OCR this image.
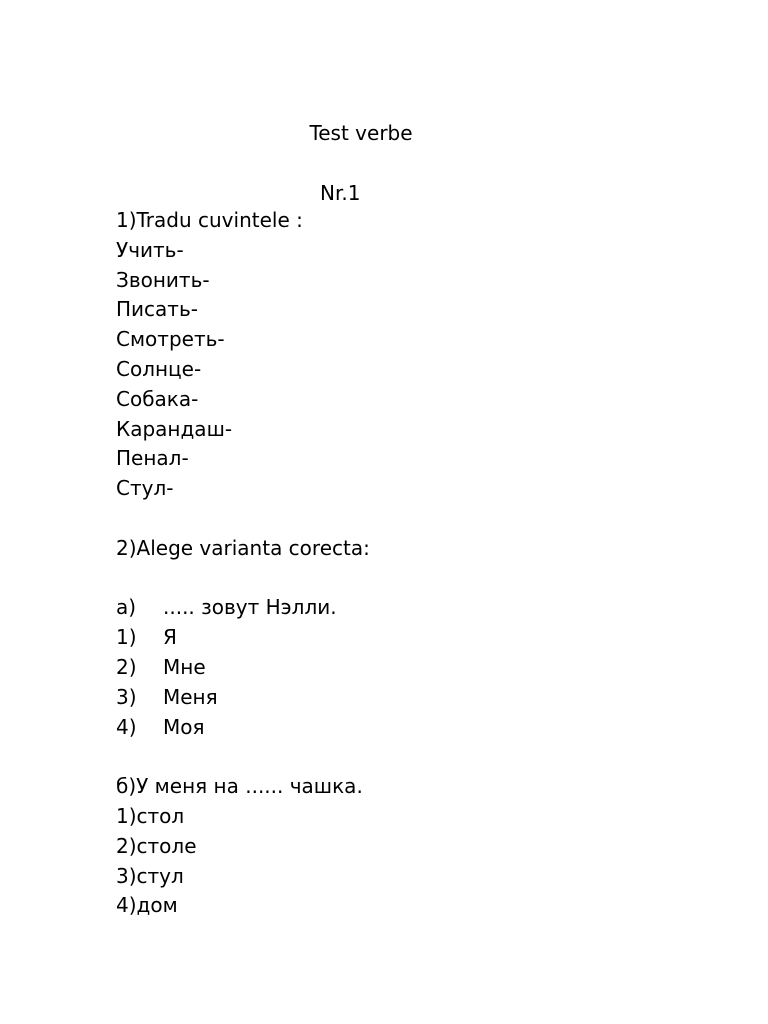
Test verbe

Nr.1

1)Tradu cuvintele :
Учить-
Звонить-
Писать-
Смотреть-
Солнце-
Собака-
Карандаш-
Пенал-
Стул-
2)Alege varianta corecta:
a)	..... зовут Нэлли.
1)	Я
2)	Мне
3)	Меня
4)	Моя
б)У меня на ...... чашка.
1)стол
2)столе
3)стул
4)дом
